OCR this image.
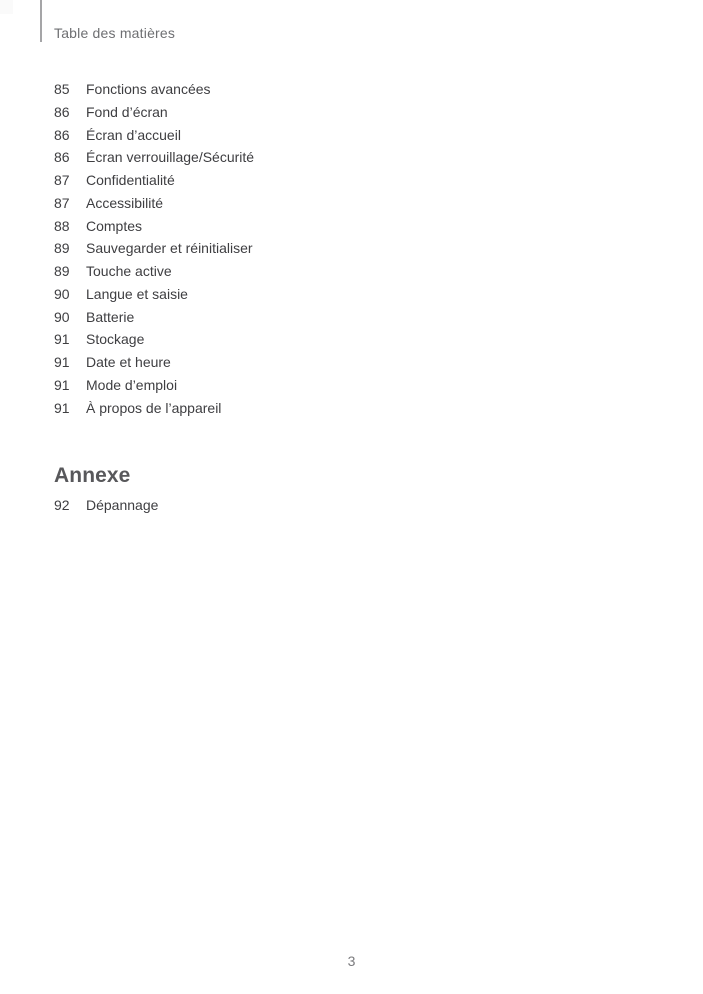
Table des matières
85	Fonctions avancées
86	Fond d’écran
86	Écran d’accueil
86	Écran verrouillage/Sécurité
87	Confidentialité
87	Accessibilité
88	Comptes
89	Sauvegarder et réinitialiser
89	Touche active
90	Langue et saisie
90	Batterie
91	Stockage
91	Date et heure
91	Mode d’emploi
91	À propos de l’appareil
Annexe
92	Dépannage
3
